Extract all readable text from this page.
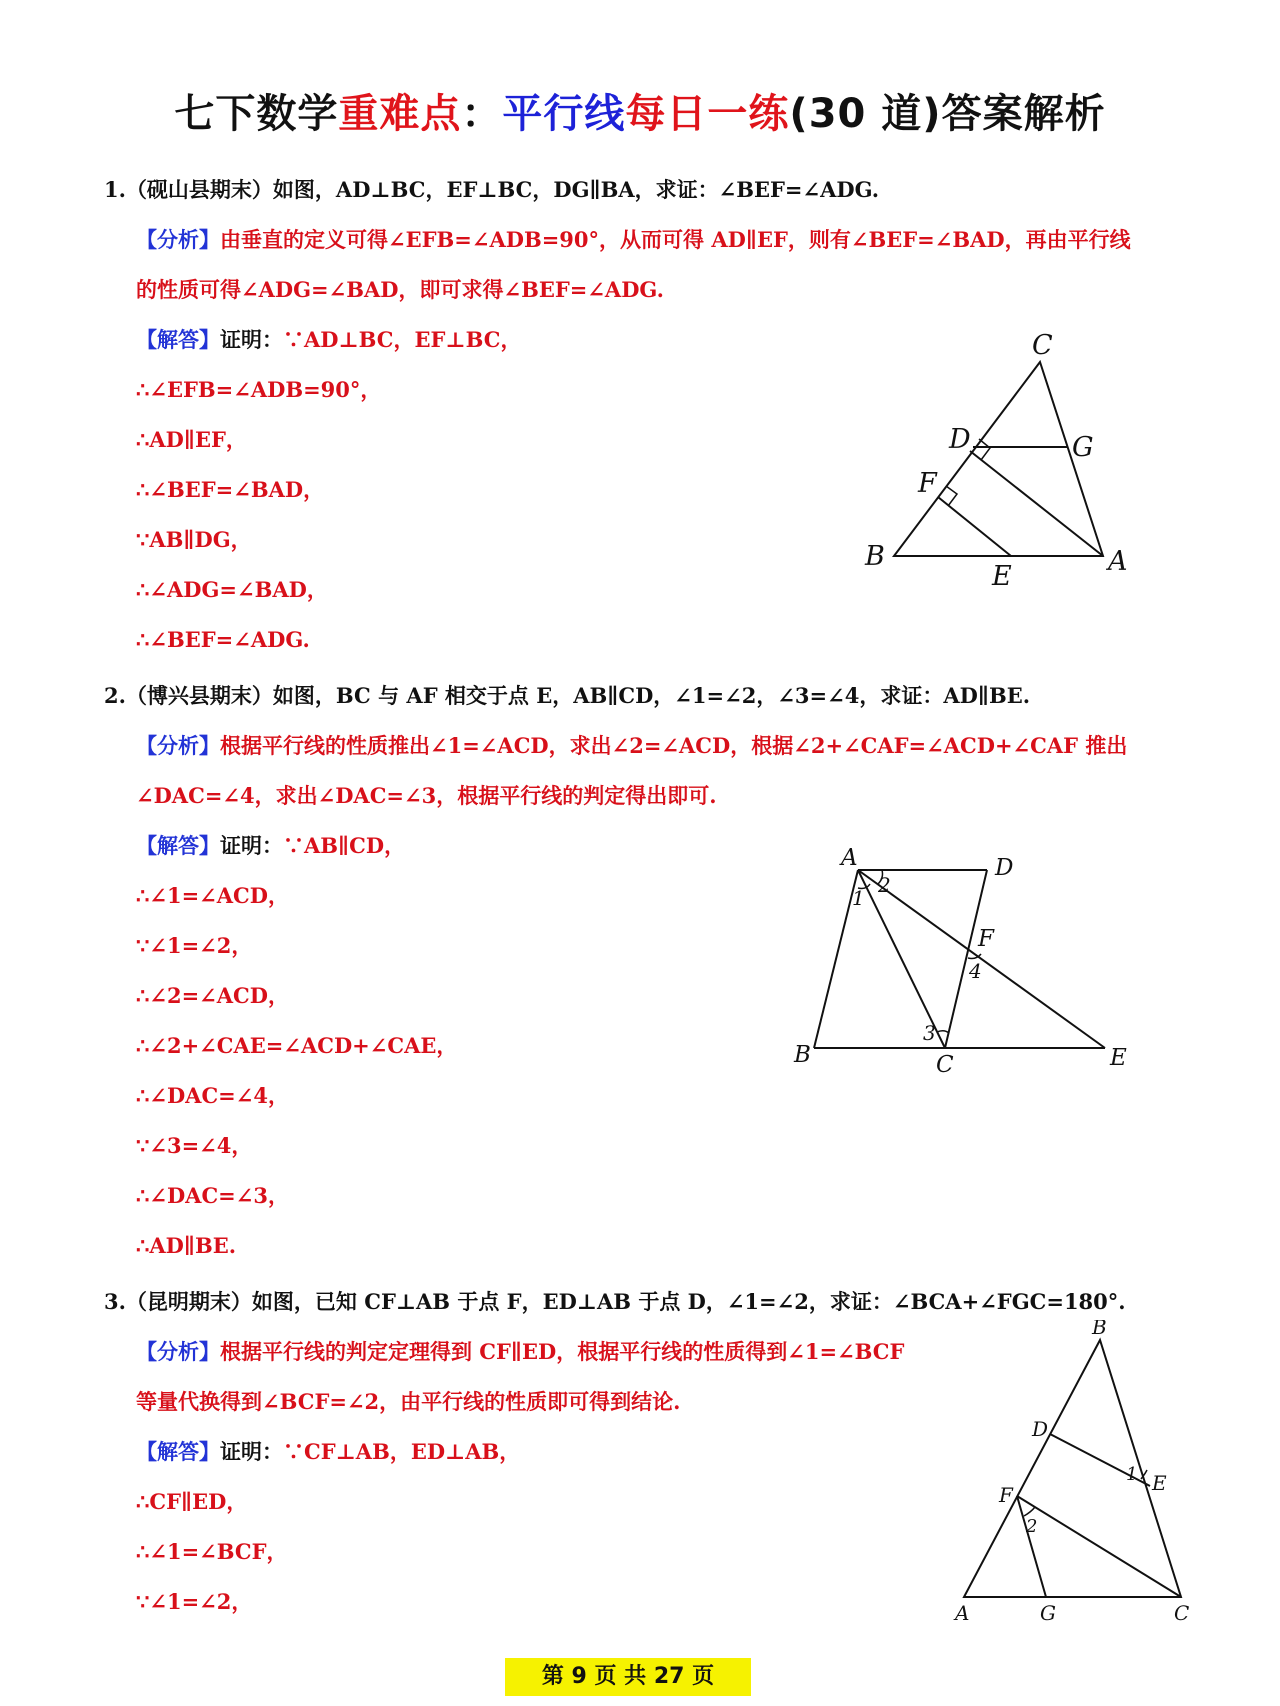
七下数学重难点：平行线每日一练(30 道)答案解析
1.（砚山县期末）如图，AD⊥BC，EF⊥BC，DG∥BA，求证：∠BEF=∠ADG.
【分析】由垂直的定义可得∠EFB=∠ADB=90°，从而可得 AD∥EF，则有∠BEF=∠BAD，再由平行线
的性质可得∠ADG=∠BAD，即可求得∠BEF=∠ADG.
【解答】证明：∵AD⊥BC，EF⊥BC，
∴∠EFB=∠ADB=90°，
∴AD∥EF，
∴∠BEF=∠BAD，
∵AB∥DG，
∴∠ADG=∠BAD，
∴∠BEF=∠ADG.
C
D	G
F
B
E	A
2.（博兴县期末）如图，BC 与 AF 相交于点 E，AB∥CD，∠1=∠2，∠3=∠4，求证：AD∥BE.
【分析】根据平行线的性质推出∠1=∠ACD，求出∠2=∠ACD，根据∠2+∠CAF=∠ACD+∠CAF 推出
∠DAC=∠4，求出∠DAC=∠3，根据平行线的判定得出即可.
【解答】证明：∵AB∥CD，
∴∠1=∠ACD，
∵∠1=∠2，
∴∠2=∠ACD，
∴∠2+∠CAE=∠ACD+∠CAE，
∴∠DAC=∠4，
∵∠3=∠4，
∴∠DAC=∠3，
∴AD∥BE.
A	D
F
B	C	E
1
2
3
4
3.（昆明期末）如图，已知 CF⊥AB 于点 F，ED⊥AB 于点 D，∠1=∠2，求证：∠BCA+∠FGC=180°.
【分析】根据平行线的判定定理得到 CF∥ED，根据平行线的性质得到∠1=∠BCF
等量代换得到∠BCF=∠2，由平行线的性质即可得到结论.
【解答】证明：∵CF⊥AB，ED⊥AB，
∴CF∥ED，
∴∠1=∠BCF，
∵∠1=∠2，
B
D
E
F
A	G	C
1
2
第 9 页 共 27 页
